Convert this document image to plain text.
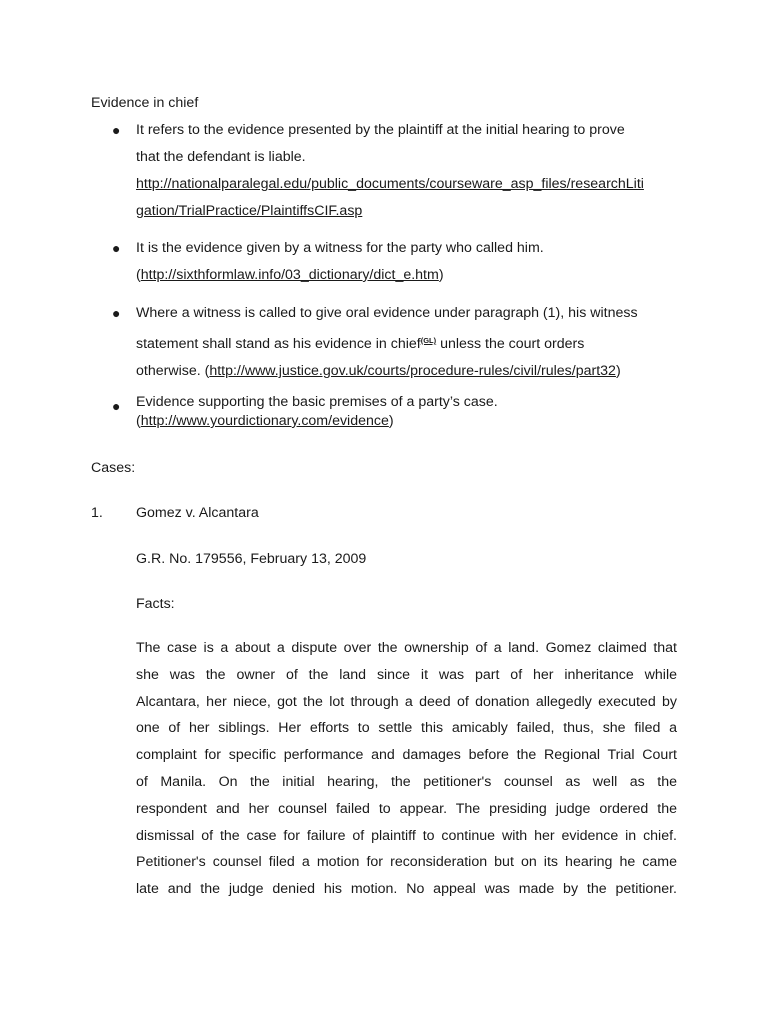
Evidence in chief
● It refers to the evidence presented by the plaintiff at the initial hearing to prove
that the defendant is liable.
http://nationalparalegal.edu/public_documents/courseware_asp_files/researchLiti
gation/TrialPractice/PlaintiffsCIF.asp
● It is the evidence given by a witness for the party who called him.
(http://sixthformlaw.info/03_dictionary/dict_e.htm)
● Where a witness is called to give oral evidence under paragraph (1), his witness
statement shall stand as his evidence in chief$^{(GL)}$ unless the court orders
otherwise. (http://www.justice.gov.uk/courts/procedure-rules/civil/rules/part32)
● Evidence supporting the basic premises of a party’s case.
(http://www.yourdictionary.com/evidence)
Cases:
1. Gomez v. Alcantara
G.R. No. 179556, February 13, 2009
Facts:
The case is a about a dispute over the ownership of a land. Gomez claimed that
she was the owner of the land since it was part of her inheritance while
Alcantara, her niece, got the lot through a deed of donation allegedly executed by
one of her siblings. Her efforts to settle this amicably failed, thus, she filed a
complaint for specific performance and damages before the Regional Trial Court
of Manila. On the initial hearing, the petitioner's counsel as well as the
respondent and her counsel failed to appear. The presiding judge ordered the
dismissal of the case for failure of plaintiff to continue with her evidence in chief.
Petitioner's counsel filed a motion for reconsideration but on its hearing he came
late and the judge denied his motion. No appeal was made by the petitioner.
